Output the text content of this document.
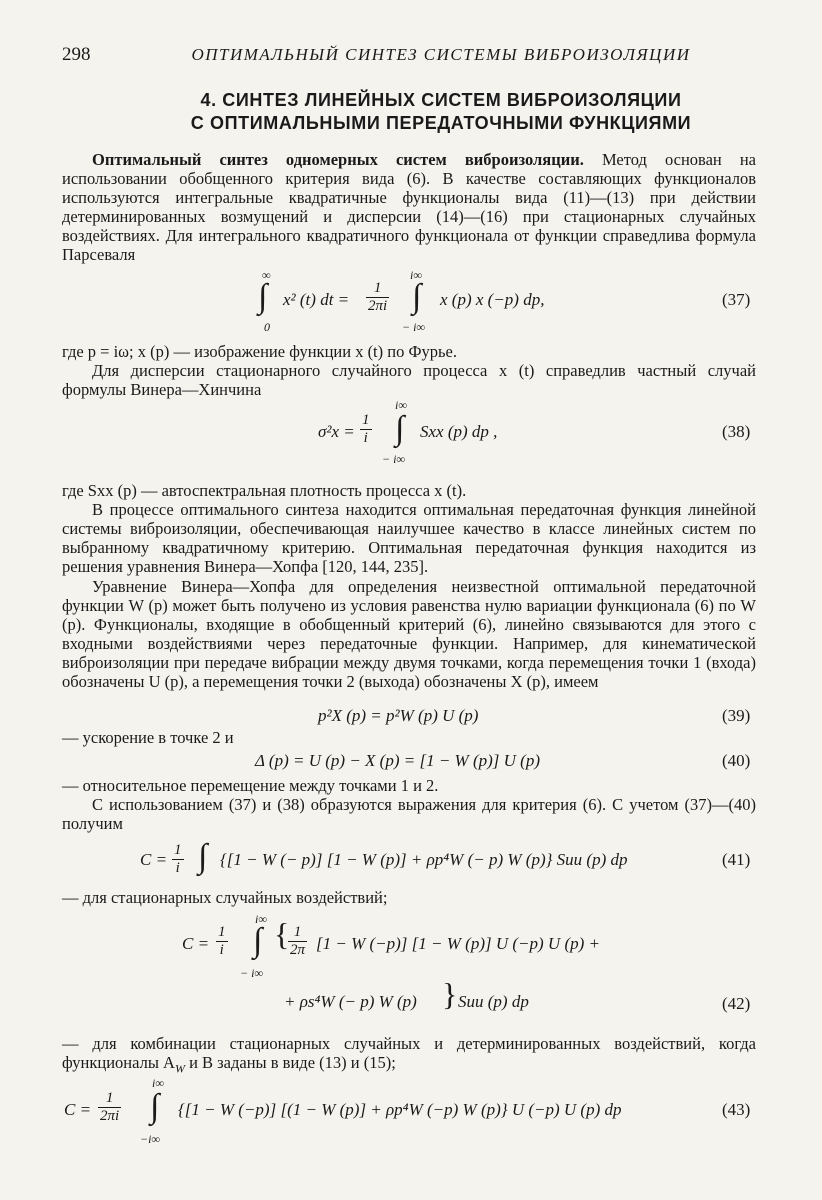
298	ОПТИМАЛЬНЫЙ СИНТЕЗ СИСТЕМЫ ВИБРОИЗОЛЯЦИИ
4. СИНТЕЗ ЛИНЕЙНЫХ СИСТЕМ ВИБРОИЗОЛЯЦИИ
С ОПТИМАЛЬНЫМИ ПЕРЕДАТОЧНЫМИ ФУНКЦИЯМИ
Оптимальный синтез одномерных систем виброизоляции. Метод основан на использовании обобщенного критерия вида (6). В качестве составляющих функционалов используются интегральные квадратичные функционалы вида (11)—(13) при действии детерминированных возмущений и дисперсии (14)—(16) при стационарных случайных воздействиях. Для интегрального квадратичного функционала от функции справедлива формула Парсеваля
∞
∫
0
x² (t) dt = $\frac{1}{2\pi i}$
i∞
∫
− i∞
x (p) x (−p) dp,	(37)
где p = iω; x (p) — изображение функции x (t) по Фурье.
Для дисперсии стационарного случайного процесса x (t) справедлив частный случай формулы Винера—Хинчина
$\sigma^2x = \frac{1}{i}$
i∞
∫
− i∞
Sxx (p) dp ,	(38)
где Sxx (p) — автоспектральная плотность процесса x (t).
В процессе оптимального синтеза находится оптимальная передаточная функция линейной системы виброизоляции, обеспечивающая наилучшее качество в классе линейных систем по выбранному квадратичному критерию. Оптимальная передаточная функция находится из решения уравнения Винера—Хопфа [120, 144, 235].
Уравнение Винера—Хопфа для определения неизвестной оптимальной передаточной функции W (p) может быть получено из условия равенства нулю вариации функционала (6) по W (p). Функционалы, входящие в обобщенный критерий (6), линейно связываются для этого с входными воздействиями через передаточные функции. Например, для кинематической виброизоляции при передаче вибрации между двумя точками, когда перемещения точки 1 (входа) обозначены U (p), а перемещения точки 2 (выхода) обозначены X (p), имеем
p²X (p) = p²W (p) U (p)	(39)
— ускорение в точке 2 и
Δ (p) = U (p) − X (p) = [1 − W (p)] U (p)	(40)
— относительное перемещение между точками 1 и 2.
С использованием (37) и (38) образуются выражения для критерия (6). С учетом (37)—(40) получим
$C = \frac{1}{i}$ ∫ {[1 − W (− p)] [1 − W (p)] + ρp⁴W (− p) W (p)} Suu (p) dp	(41)
— для стационарных случайных воздействий;
$C = \frac{1}{i}$
i∞
∫
− i∞
{
$\frac{1}{2\pi} [1 - W$ (−p)] [1 − W (p)] U (−p) U (p) +
+ ρs⁴W (− p) W (p) } Suu (p) dp	(42)
— для комбинации стационарных случайных и детерминированных воздействий, когда функционалы $A_W$ и B заданы в виде (13) и (15);
$C = \frac{1}{2\pi i}$
i∞
∫
−i∞
{[1 − W (−p)] [(1 − W (p)] + ρp⁴W (−p) W (p)} U (−p) U (p) dp	(43)
